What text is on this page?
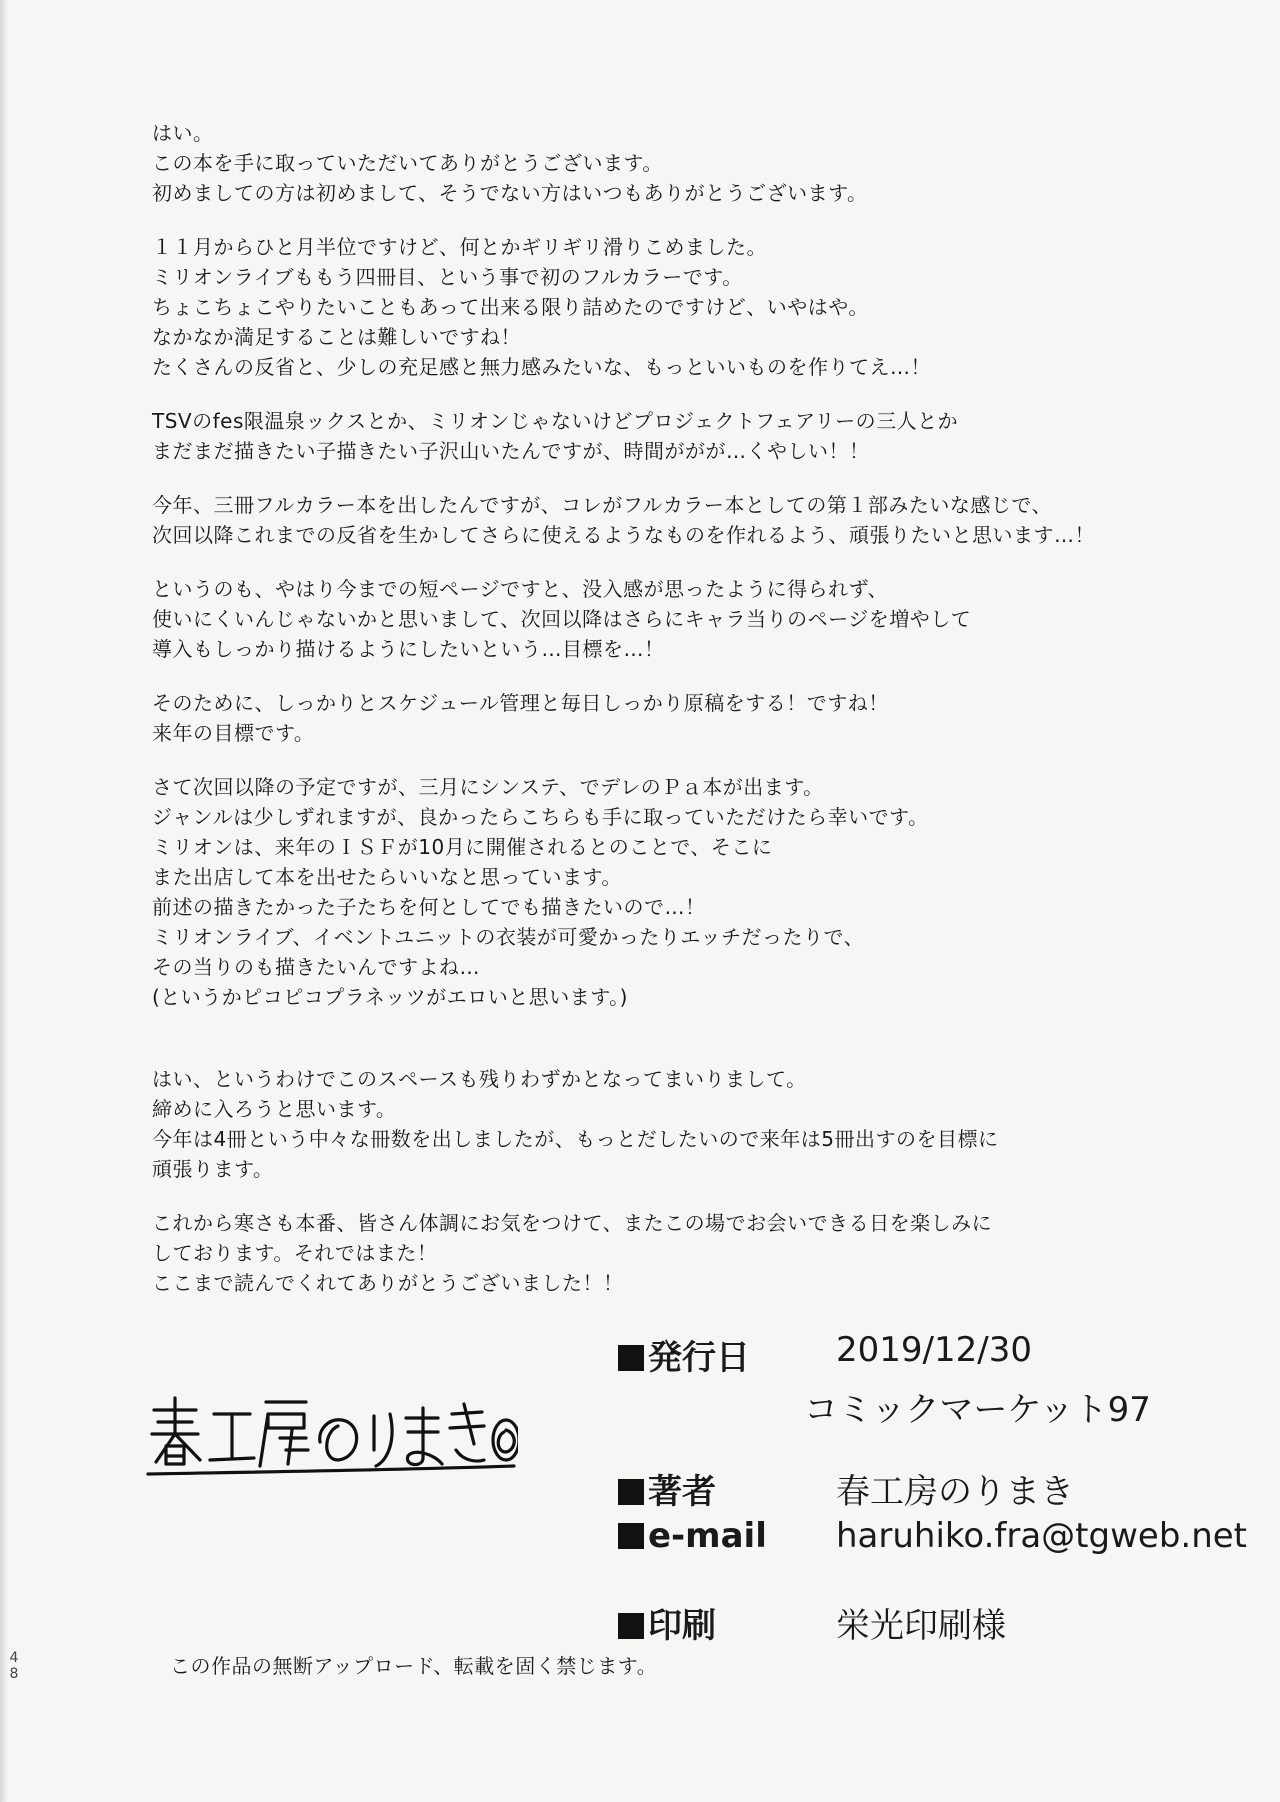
はい。
この本を手に取っていただいてありがとうございます。
初めましての方は初めまして、そうでない方はいつもありがとうございます。
１１月からひと月半位ですけど、何とかギリギリ滑りこめました。
ミリオンライブももう四冊目、という事で初のフルカラーです。
ちょこちょこやりたいこともあって出来る限り詰めたのですけど、いやはや。
なかなか満足することは難しいですね！
たくさんの反省と、少しの充足感と無力感みたいな、もっといいものを作りてえ…！
TSVのfes限温泉ックスとか、ミリオンじゃないけどプロジェクトフェアリーの三人とか
まだまだ描きたい子描きたい子沢山いたんですが、時間ががが…くやしい！！
今年、三冊フルカラー本を出したんですが、コレがフルカラー本としての第１部みたいな感じで、
次回以降これまでの反省を生かしてさらに使えるようなものを作れるよう、頑張りたいと思います…！
というのも、やはり今までの短ページですと、没入感が思ったように得られず、
使いにくいんじゃないかと思いまして、次回以降はさらにキャラ当りのページを増やして
導入もしっかり描けるようにしたいという…目標を…！
そのために、しっかりとスケジュール管理と毎日しっかり原稿をする！ですね！
来年の目標です。
さて次回以降の予定ですが、三月にシンステ、でデレのＰａ本が出ます。
ジャンルは少しずれますが、良かったらこちらも手に取っていただけたら幸いです。
ミリオンは、来年のＩＳＦが10月に開催されるとのことで、そこに
また出店して本を出せたらいいなと思っています。
前述の描きたかった子たちを何としてでも描きたいので…！
ミリオンライブ、イベントユニットの衣装が可愛かったりエッチだったりで、
その当りのも描きたいんですよね…
(というかピコピコプラネッツがエロいと思います。)
はい、というわけでこのスペースも残りわずかとなってまいりまして。
締めに入ろうと思います。
今年は4冊という中々な冊数を出しましたが、もっとだしたいので来年は5冊出すのを目標に
頑張ります。
これから寒さも本番、皆さん体調にお気をつけて、またこの場でお会いできる日を楽しみに
しております。それではまた！
ここまで読んでくれてありがとうございました！！
発行日	2019/12/30
コミックマーケット97
著者	春工房のりまき
e-mail haruhiko.fra@tgweb.net
印刷	栄光印刷様
4
8	この作品の無断アップロード、転載を固く禁じます。
